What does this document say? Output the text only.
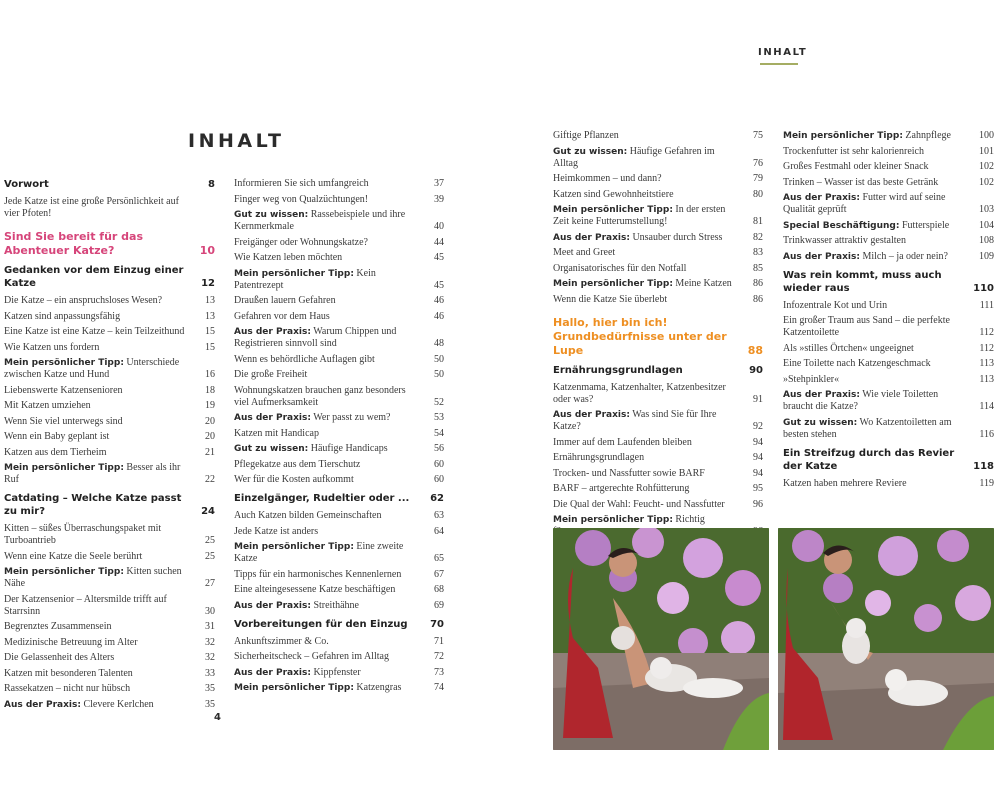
INHALT
Vorwort	8
Jede Katze ist eine große Persönlichkeit auf vier Pfoten!
Sind Sie bereit für das Abenteuer Katze?	10
Gedanken vor dem Einzug einer Katze	12
Die Katze – ein anspruchsloses Wesen?	13
Katzen sind anpassungsfähig	13
Eine Katze ist eine Katze – kein Teilzeithund 15
Wie Katzen uns fordern	15
Mein persönlicher Tipp: Unterschiede zwischen Katze und Hund	16
Liebenswerte Katzensenioren	18
Mit Katzen umziehen	19
Wenn Sie viel unterwegs sind	20
Wenn ein Baby geplant ist	20
Katzen aus dem Tierheim	21
Mein persönlicher Tipp: Besser als ihr Ruf	22
Catdating – Welche Katze passt zu mir?	24
Kitten – süßes Überraschungspaket mit Turboantrieb	25
Wenn eine Katze die Seele berührt	25
Mein persönlicher Tipp: Kitten suchen Nähe	27
Der Katzensenior – Altersmilde trifft auf Starrsinn	30
Begrenztes Zusammensein	31
Medizinische Betreuung im Alter	32
Die Gelassenheit des Alters	32
Katzen mit besonderen Talenten	33
Rassekatzen – nicht nur hübsch	35
Aus der Praxis: Clevere Kerlchen	35
Informieren Sie sich umfangreich	37
Finger weg von Qualzüchtungen!	39
Gut zu wissen: Rassebeispiele und ihre Kernmerkmale	40
Freigänger oder Wohnungskatze?	44
Wie Katzen leben möchten	45
Mein persönlicher Tipp: Kein Patentrezept	45
Draußen lauern Gefahren	46
Gefahren vor dem Haus	46
Aus der Praxis: Warum Chippen und Registrieren sinnvoll sind	48
Wenn es behördliche Auflagen gibt	50
Die große Freiheit	50
Wohnungskatzen brauchen ganz besonders viel Aufmerksamkeit	52
Aus der Praxis: Wer passt zu wem?	53
Katzen mit Handicap	54
Gut zu wissen: Häufige Handicaps	56
Pflegekatze aus dem Tierschutz	60
Wer für die Kosten aufkommt	60
Einzelgänger, Rudeltier oder ... 62
Auch Katzen bilden Gemeinschaften	63
Jede Katze ist anders	64
Mein persönlicher Tipp: Eine zweite Katze	65
Tipps für ein harmonisches Kennenlernen	67
Eine alteingesessene Katze beschäftigen	68
Aus der Praxis: Streithähne	69
Vorbereitungen für den Einzug 70
Ankunftszimmer & Co.	71
Sicherheitscheck – Gefahren im Alltag	72
Aus der Praxis: Kippfenster	73
Mein persönlicher Tipp: Katzengras	74
4
INHALT
Giftige Pflanzen	75
Gut zu wissen: Häufige Gefahren im Alltag	76
Heimkommen – und dann?	79
Katzen sind Gewohnheitstiere	80
Mein persönlicher Tipp: In der ersten Zeit keine Futterumstellung!	81
Aus der Praxis: Unsauber durch Stress	82
Meet and Greet	83
Organisatorisches für den Notfall	85
Mein persönlicher Tipp: Meine Katzen 86
Wenn die Katze Sie überlebt	86
Hallo, hier bin ich! Grundbedürfnisse unter der Lupe	88
Ernährungsgrundlagen	90
Katzenmama, Katzenhalter, Katzenbesitzer oder was?	91
Aus der Praxis: Was sind Sie für Ihre Katze?	92
Immer auf dem Laufenden bleiben	94
Ernährungsgrundlagen	94
Trocken- und Nassfutter sowie BARF	94
BARF – artgerechte Rohfütterung	95
Die Qual der Wahl: Feucht- und Nassfutter	96
Mein persönlicher Tipp: Richtig
Mein persönlicher Tipp: Zahnpflege	100
Trockenfutter ist sehr kalorienreich	101
Großes Festmahl oder kleiner Snack	102
Trinken – Wasser ist das beste Getränk	102
Aus der Praxis: Futter wird auf seine Qualität geprüft	103
Special Beschäftigung: Futterspiele	104
Trinkwasser attraktiv gestalten	108
Aus der Praxis: Milch – ja oder nein?	109
Was rein kommt, muss auch wieder raus	110
Infozentrale Kot und Urin	111
Ein großer Traum aus Sand – die perfekte Katzentoilette	112
Als »stilles Örtchen« ungeeignet	112
Eine Toilette nach Katzengeschmack	113
»Stehpinkler«	113
Aus der Praxis: Wie viele Toiletten braucht die Katze?	114
Gut zu wissen: Wo Katzentoiletten am besten stehen	116
Ein Streifzug durch das Revier der Katze	118
Katzen haben mehrere Reviere	119
